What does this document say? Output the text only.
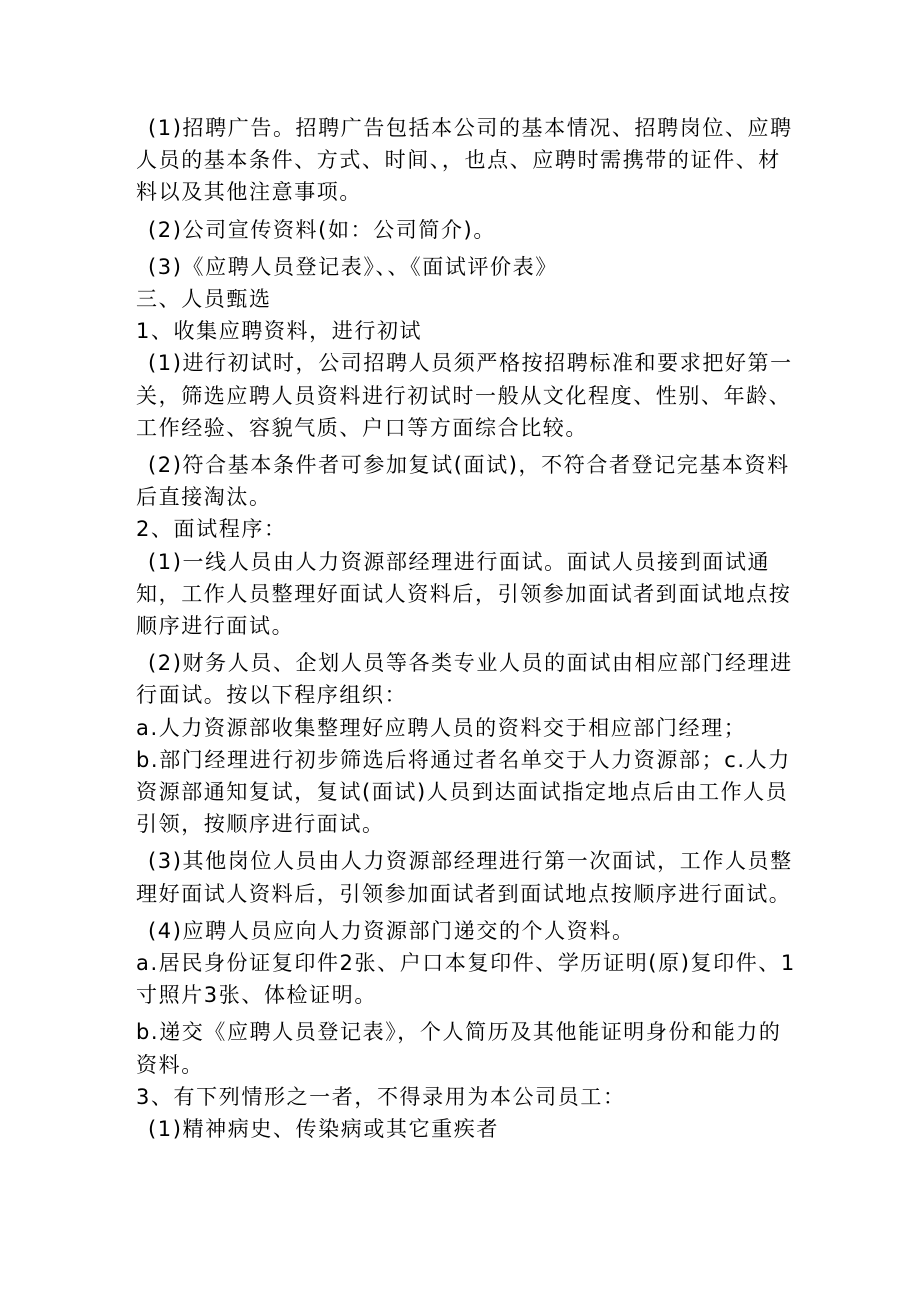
(1)招聘广告。招聘广告包括本公司的基本情况、招聘岗位、应聘人员的基本条件、方式、时间、，也点、应聘时需携带的证件、材料以及其他注意事项。

(2)公司宣传资料(如：公司简介)。

(3)《应聘人员登记表》、、《面试评价表》

三、人员甄选

1、收集应聘资料，进行初试

(1)进行初试时，公司招聘人员须严格按招聘标准和要求把好第一关，筛选应聘人员资料进行初试时一般从文化程度、性别、年龄、工作经验、容貌气质、户口等方面综合比较。

(2)符合基本条件者可参加复试(面试)，不符合者登记完基本资料后直接淘汰。

2、面试程序：

(1)一线人员由人力资源部经理进行面试。面试人员接到面试通知，工作人员整理好面试人资料后，引领参加面试者到面试地点按顺序进行面试。

(2)财务人员、企划人员等各类专业人员的面试由相应部门经理进行面试。按以下程序组织：

a.人力资源部收集整理好应聘人员的资料交于相应部门经理；

b.部门经理进行初步筛选后将通过者名单交于人力资源部；c.人力资源部通知复试，复试(面试)人员到达面试指定地点后由工作人员引领，按顺序进行面试。

(3)其他岗位人员由人力资源部经理进行第一次面试，工作人员整理好面试人资料后，引领参加面试者到面试地点按顺序进行面试。

(4)应聘人员应向人力资源部门递交的个人资料。

a.居民身份证复印件2张、户口本复印件、学历证明(原)复印件、1寸照片3张、体检证明。

b.递交《应聘人员登记表》，个人简历及其他能证明身份和能力的资料。

3、有下列情形之一者，不得录用为本公司员工：

(1)精神病史、传染病或其它重疾者
